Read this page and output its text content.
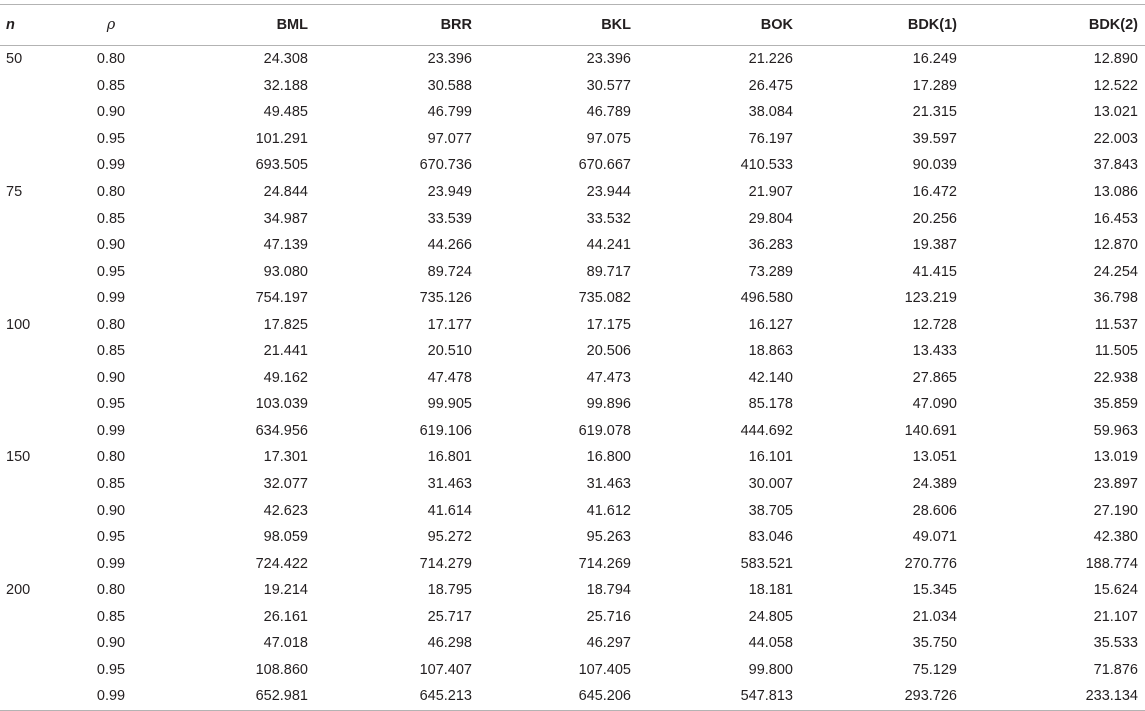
n	ρ	BML	BRR	BKL	BOK	BDK(1)	BDK(2)
50	0.80	24.308	23.396	23.396	21.226	16.249	12.890
	0.85	32.188	30.588	30.577	26.475	17.289	12.522
	0.90	49.485	46.799	46.789	38.084	21.315	13.021
	0.95	101.291	97.077	97.075	76.197	39.597	22.003
	0.99	693.505	670.736	670.667	410.533	90.039	37.843
75	0.80	24.844	23.949	23.944	21.907	16.472	13.086
	0.85	34.987	33.539	33.532	29.804	20.256	16.453
	0.90	47.139	44.266	44.241	36.283	19.387	12.870
	0.95	93.080	89.724	89.717	73.289	41.415	24.254
	0.99	754.197	735.126	735.082	496.580	123.219	36.798
100	0.80	17.825	17.177	17.175	16.127	12.728	11.537
	0.85	21.441	20.510	20.506	18.863	13.433	11.505
	0.90	49.162	47.478	47.473	42.140	27.865	22.938
	0.95	103.039	99.905	99.896	85.178	47.090	35.859
	0.99	634.956	619.106	619.078	444.692	140.691	59.963
150	0.80	17.301	16.801	16.800	16.101	13.051	13.019
	0.85	32.077	31.463	31.463	30.007	24.389	23.897
	0.90	42.623	41.614	41.612	38.705	28.606	27.190
	0.95	98.059	95.272	95.263	83.046	49.071	42.380
	0.99	724.422	714.279	714.269	583.521	270.776	188.774
200	0.80	19.214	18.795	18.794	18.181	15.345	15.624
	0.85	26.161	25.717	25.716	24.805	21.034	21.107
	0.90	47.018	46.298	46.297	44.058	35.750	35.533
	0.95	108.860	107.407	107.405	99.800	75.129	71.876
	0.99	652.981	645.213	645.206	547.813	293.726	233.134
